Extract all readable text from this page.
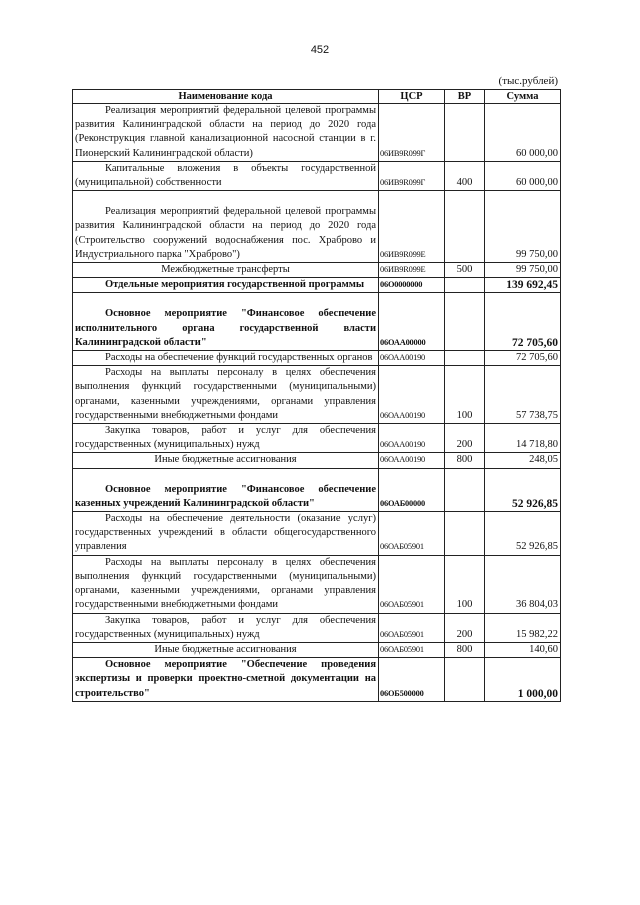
452
(тыс.рублей)
Наименование кода	ЦСР	ВР	Сумма
Реализация мероприятий федеральной целевой программы развития Калининградской области на период до 2020 года (Реконструкция главной канализационной насосной станции в г. Пионерский Калининградской области)	06ИВ9R099Г		60 000,00
Капитальные вложения в объекты государственной (муниципальной) собственности	06ИВ9R099Г	400	60 000,00
Реализация мероприятий федеральной целевой программы развития Калининградской области на период до 2020 года (Строительство сооружений водоснабжения пос. Храброво и Индустриального парка "Храброво")	06ИВ9R099Е		99 750,00
Межбюджетные трансферты	06ИВ9R099Е	500	99 750,00
Отдельные мероприятия государственной программы	06О0000000		139 692,45
Основное мероприятие "Финансовое обеспечение исполнительного органа государственной власти Калининградской области"	06ОАА00000		72 705,60
Расходы на обеспечение функций государственных органов	06ОАА00190		72 705,60
Расходы на выплаты персоналу в целях обеспечения выполнения функций государственными (муниципальными) органами, казенными учреждениями, органами управления государственными внебюджетными фондами	06ОАА00190	100	57 738,75
Закупка товаров, работ и услуг для обеспечения государственных (муниципальных) нужд	06ОАА00190	200	14 718,80
Иные бюджетные ассигнования	06ОАА00190	800	248,05
Основное мероприятие "Финансовое обеспечение казенных учреждений Калининградской области"	06ОАБ00000		52 926,85
Расходы на обеспечение деятельности (оказание услуг) государственных учреждений в области общегосударственного управления	06ОАБ05901		52 926,85
Расходы на выплаты персоналу в целях обеспечения выполнения функций государственными (муниципальными) органами, казенными учреждениями, органами управления государственными внебюджетными фондами	06ОАБ05901	100	36 804,03
Закупка товаров, работ и услуг для обеспечения государственных (муниципальных) нужд	06ОАБ05901	200	15 982,22
Иные бюджетные ассигнования	06ОАБ05901	800	140,60
Основное мероприятие "Обеспечение проведения экспертизы и проверки проектно-сметной документации на строительство"	06ОБ500000		1 000,00
